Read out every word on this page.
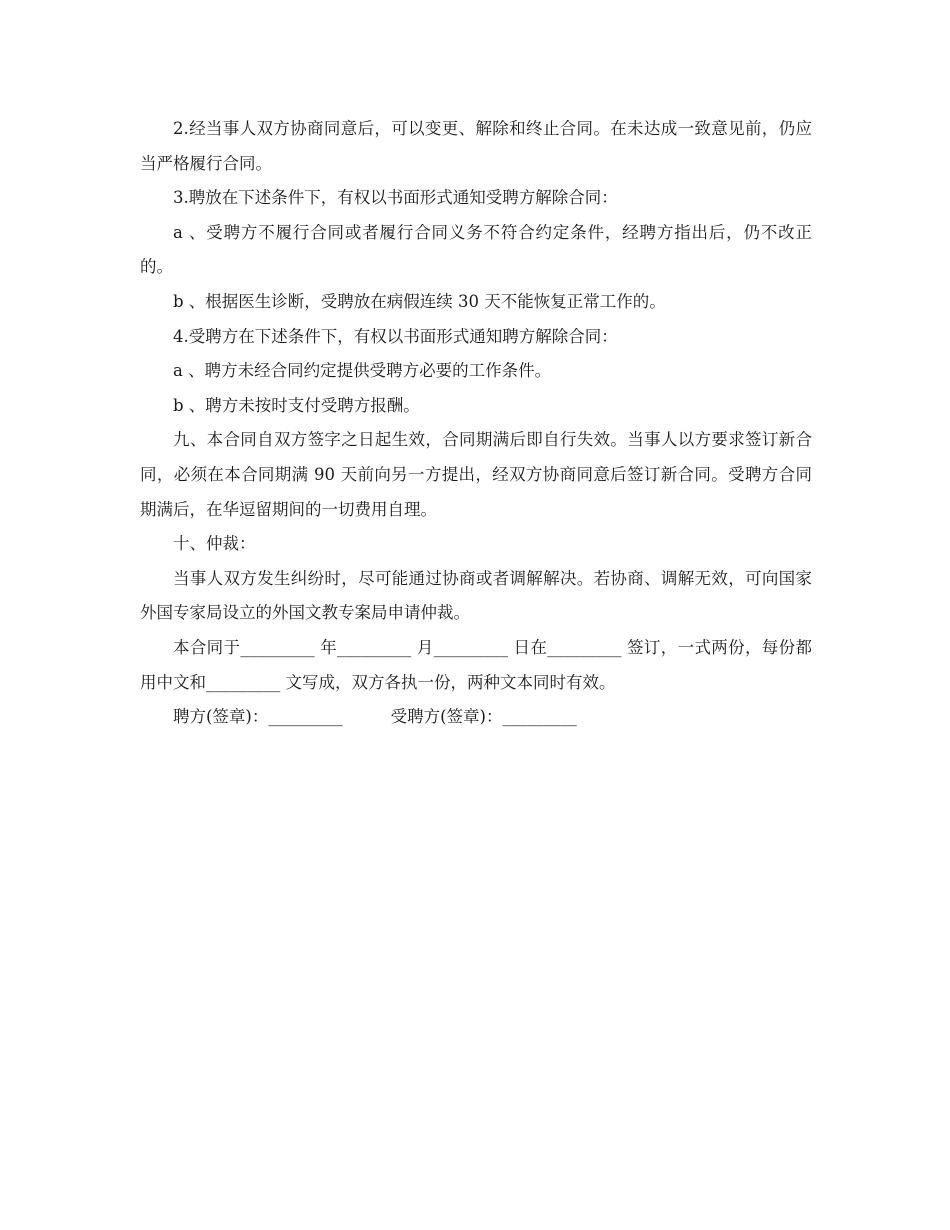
2.经当事人双方协商同意后，可以变更、解除和终止合同。在未达成一致意见前，仍应当严格履行合同。

3.聘放在下述条件下，有权以书面形式通知受聘方解除合同：

a 、受聘方不履行合同或者履行合同义务不符合约定条件，经聘方指出后，仍不改正的。

b 、根据医生诊断，受聘放在病假连续 30 天不能恢复正常工作的。

4.受聘方在下述条件下，有权以书面形式通知聘方解除合同：

a 、聘方未经合同约定提供受聘方必要的工作条件。

b 、聘方未按时支付受聘方报酬。

九、本合同自双方签字之日起生效，合同期满后即自行失效。当事人以方要求签订新合同，必须在本合同期满 90 天前向另一方提出，经双方协商同意后签订新合同。受聘方合同期满后，在华逗留期间的一切费用自理。

十、仲裁：

当事人双方发生纠纷时，尽可能通过协商或者调解解决。若协商、调解无效，可向国家外国专家局设立的外国文教专案局申请仲裁。

本合同于_________ 年_________ 月_________ 日在_________ 签订，一式两份，每份都用中文和_________ 文写成，双方各执一份，两种文本同时有效。

聘方(签章)：_________	受聘方(签章)：_________
